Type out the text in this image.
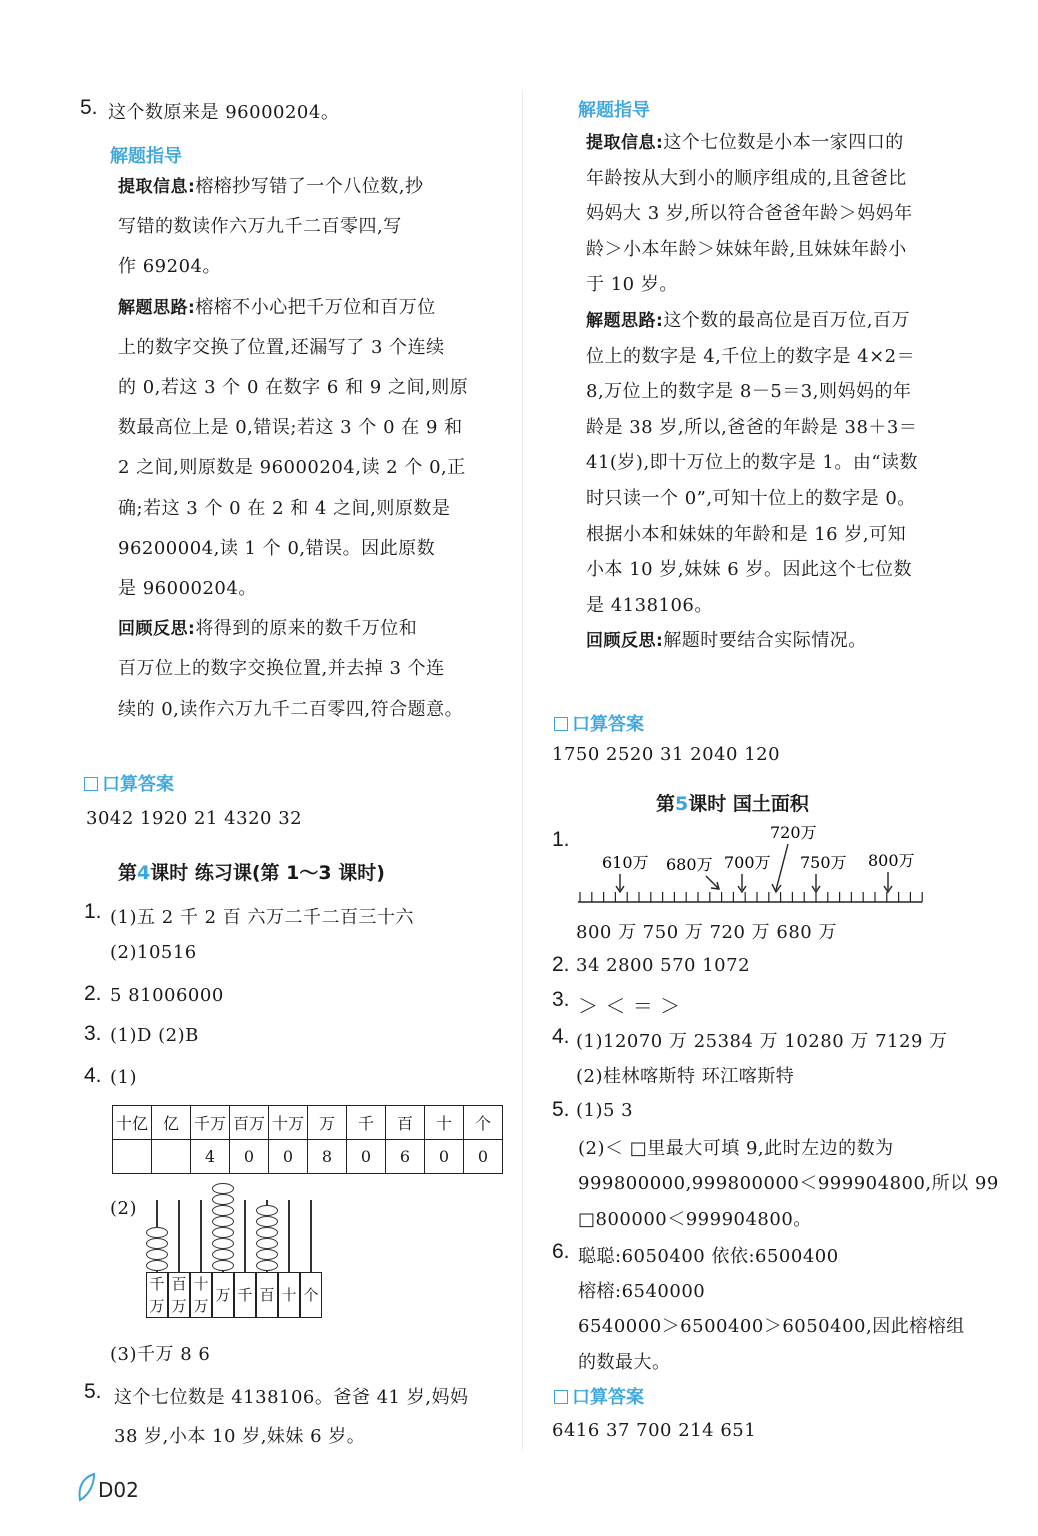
5. 这个数原来是 96000204。
解题指导
提取信息:榕榕抄写错了一个八位数,抄
写错的数读作六万九千二百零四,写
作 69204。
解题思路:榕榕不小心把千万位和百万位
上的数字交换了位置,还漏写了 3 个连续
的 0,若这 3 个 0 在数字 6 和 9 之间,则原
数最高位上是 0,错误;若这 3 个 0 在 9 和
2 之间,则原数是 96000204,读 2 个 0,正
确;若这 3 个 0 在 2 和 4 之间,则原数是
96200004,读 1 个 0,错误。因此原数
是 96000204。
回顾反思:将得到的原来的数千万位和
百万位上的数字交换位置,并去掉 3 个连
续的 0,读作六万九千二百零四,符合题意。
口算答案
3042 1920 21 4320 32
第4课时 练习课(第 1～3 课时)
1. (1)五 2 千 2 百 六万二千二百三十六
(2)10516
2. 5 81006000
3. (1)D (2)B
4. (1)
十亿	亿	千万	百万	十万	万	千	百	十	个
		4	0	0	8	0	6	0	0
(2)
千万
百万
十万
万 千 百 十 个
(3)千万 8 6
5. 这个七位数是 4138106。爸爸 41 岁,妈妈
38 岁,小本 10 岁,妹妹 6 岁。
D02
解题指导
提取信息:这个七位数是小本一家四口的
年龄按从大到小的顺序组成的,且爸爸比
妈妈大 3 岁,所以符合爸爸年龄＞妈妈年
龄＞小本年龄＞妹妹年龄,且妹妹年龄小
于 10 岁。
解题思路:这个数的最高位是百万位,百万
位上的数字是 4,千位上的数字是 4×2＝
8,万位上的数字是 8－5＝3,则妈妈的年
龄是 38 岁,所以,爸爸的年龄是 38＋3＝
41(岁),即十万位上的数字是 1。由“读数
时只读一个 0”,可知十位上的数字是 0。
根据小本和妹妹的年龄和是 16 岁,可知
小本 10 岁,妹妹 6 岁。因此这个七位数
是 4138106。
回顾反思:解题时要结合实际情况。
口算答案
1750 2520 31 2040 120
第5课时 国土面积
1.	720万
610万 680万 700万 750万 800万
800 万 750 万 720 万 680 万
2. 34 2800 570 1072
3. ＞ ＜ ＝ ＞
4. (1)12070 万 25384 万 10280 万 7129 万
(2)桂林喀斯特 环江喀斯特
5. (1)5 3
(2)＜ □里最大可填 9,此时左边的数为
999800000,999800000＜999904800,所以 99
□800000＜999904800。
6. 聪聪:6050400 依依:6500400
榕榕:6540000
6540000＞6500400＞6050400,因此榕榕组
的数最大。
口算答案
6416 37 700 214 651
